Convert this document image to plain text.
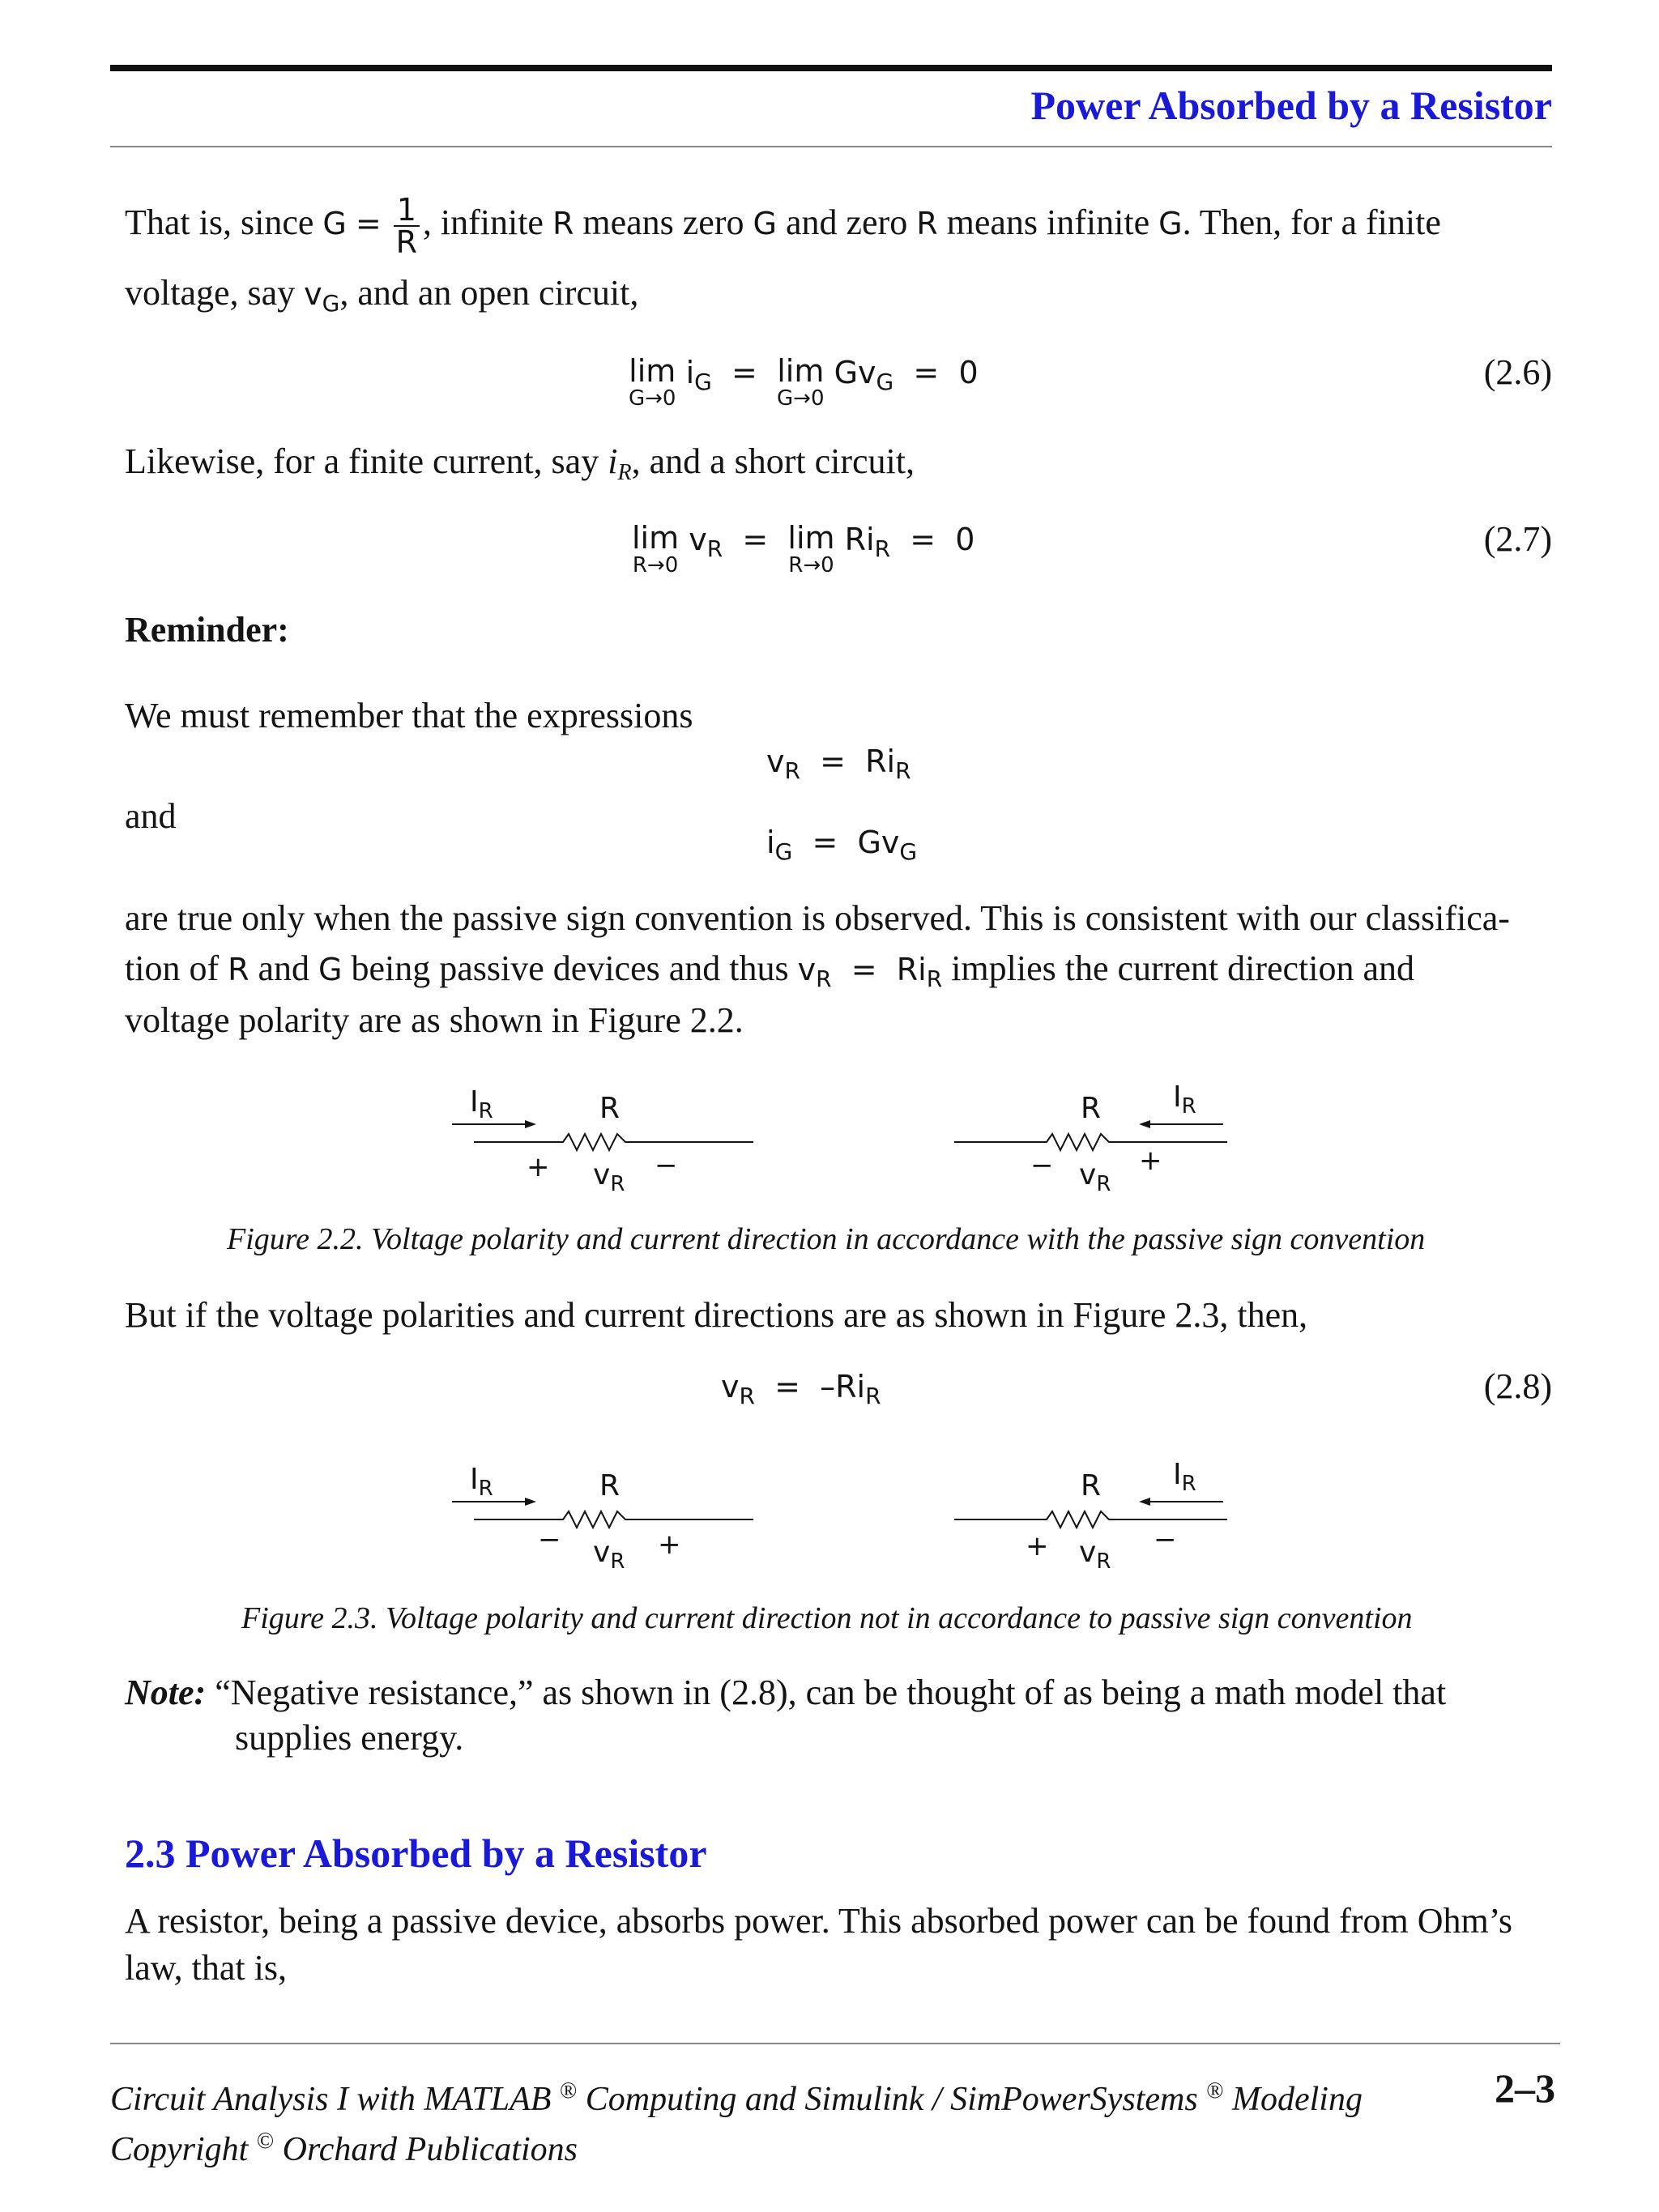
Power Absorbed by a Resistor
That is, since $G = \frac{1}{R}$ , infinite R means zero G and zero R means infinite G. Then, for a finite
voltage, say $v_G$, and an open circuit,
lim
G→0
$i_G = \lim$
G→0
$Gv_G = 0$	(2.6)
Likewise, for a finite current, say $i_R$, and a short circuit,
lim
R→0
$v_R = \lim$
R→0
$Ri_R = 0$	(2.7)
Reminder:
We must remember that the expressions
$v_R = Ri_R$
and
$i_G = Gv_G$
are true only when the passive sign convention is observed. This is consistent with our classifica-
tion of R and G being passive devices and thus $v_R = Ri_R$ implies the current direction and
voltage polarity are as shown in Figure 2.2.
$I_R$	R
+ $v_R$
−
$I_R$
R
− $v_R$
+
Figure 2.2. Voltage polarity and current direction in accordance with the passive sign convention
But if the voltage polarities and current directions are as shown in Figure 2.3, then,
$v_R = -Ri_R$	(2.8)
$I_R$	R
− $v_R$
+
$I_R$
R
+ $v_R$
−
Figure 2.3. Voltage polarity and current direction not in accordance to passive sign convention
Note: “Negative resistance,” as shown in (2.8), can be thought of as being a math model that
supplies energy.
2.3 Power Absorbed by a Resistor
A resistor, being a passive device, absorbs power. This absorbed power can be found from Ohm’s
law, that is,
Circuit Analysis I with MATLAB ® Computing and Simulink / SimPowerSystems ® Modeling	2–3
Copyright © Orchard Publications
